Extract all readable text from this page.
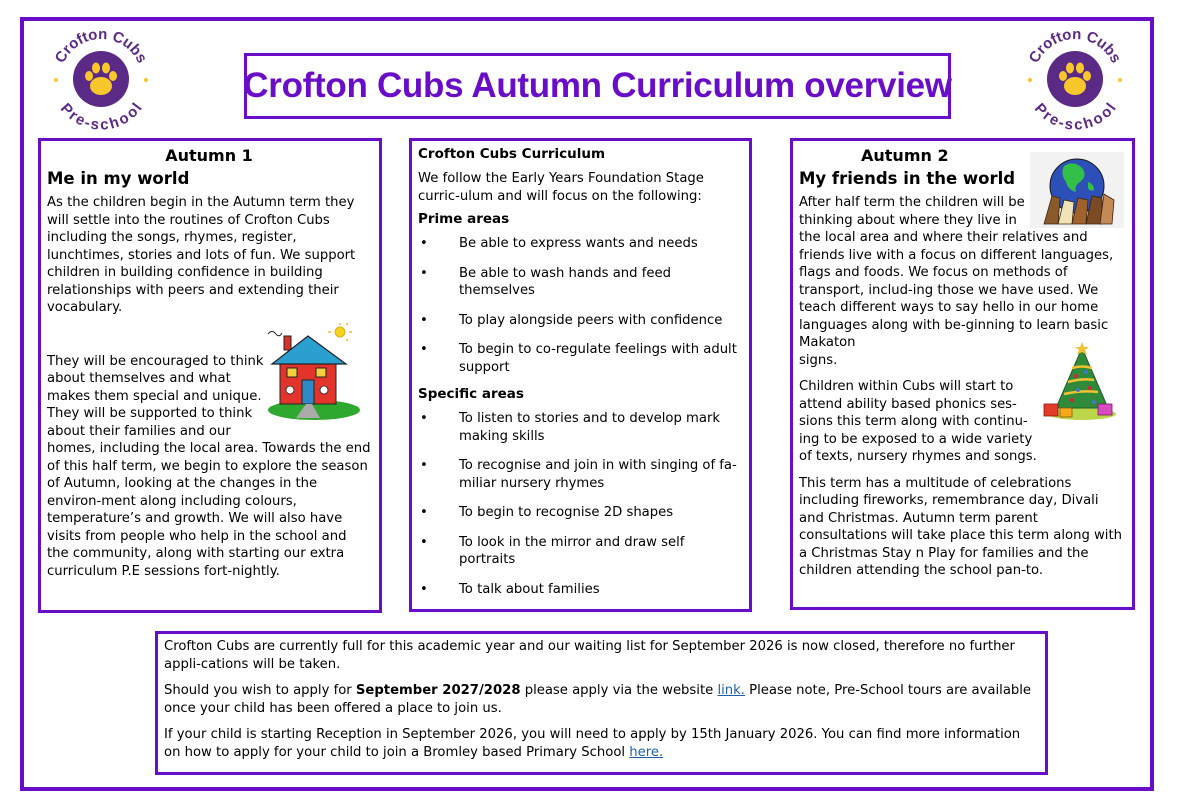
Crofton Cubs
Pre-school
Crofton Cubs
Pre-school
Crofton Cubs Autumn Curriculum overview
Autumn 1
Me in my world

As the children begin in the Autumn term they will settle into the routines of Crofton Cubs including the songs, rhymes, register, lunchtimes, stories and lots of fun. We support children in building confidence in building relationships with peers and extending their vocabulary.

They will be encouraged to think
about themselves and what
makes them special and unique.
They will be supported to think
about their families and our

homes, including the local area. Towards the end of this half term, we begin to explore the season of Autumn, looking at the changes in the environ-ment along including colours, temperature’s and growth. We will also have visits from people who help in the school and the community, along with starting our extra curriculum P.E sessions fort-nightly.

Crofton Cubs Curriculum

We follow the Early Years Foundation Stage curric-ulum and will focus on the following:

Prime areas
• Be able to express wants and needs
• Be able to wash hands and feed themselves
• To play alongside peers with confidence
• To begin to co-regulate feelings with adult support
Specific areas
• To listen to stories and to develop mark making skills
• To recognise and join in with singing of fa-miliar nursery rhymes
• To begin to recognise 2D shapes
• To look in the mirror and draw self portraits
• To talk about families
Autumn 2
My friends in the world
After half term the children will be
thinking about where they live in

the local area and where their relatives and friends live with a focus on different languages, flags and foods. We focus on methods of transport, includ-ing those we have used. We teach different ways to say hello in our home languages along with be-ginning to learn basic Makaton

signs.
Children within Cubs will start to
attend ability based phonics ses-
sions this term along with continu-
ing to be exposed to a wide variety
of texts, nursery rhymes and songs.

This term has a multitude of celebrations including fireworks, remembrance day, Divali and Christmas. Autumn term parent consultations will take place this term along with a Christmas Stay n Play for families and the children attending the school pan-to.

Crofton Cubs are currently full for this academic year and our waiting list for September 2026 is now closed, therefore no further appli-cations will be taken.

Should you wish to apply for September 2027/2028 please apply via the website link. Please note, Pre-School tours are available once your child has been offered a place to join us.

If your child is starting Reception in September 2026, you will need to apply by 15th January 2026. You can find more information on how to apply for your child to join a Bromley based Primary School here.
